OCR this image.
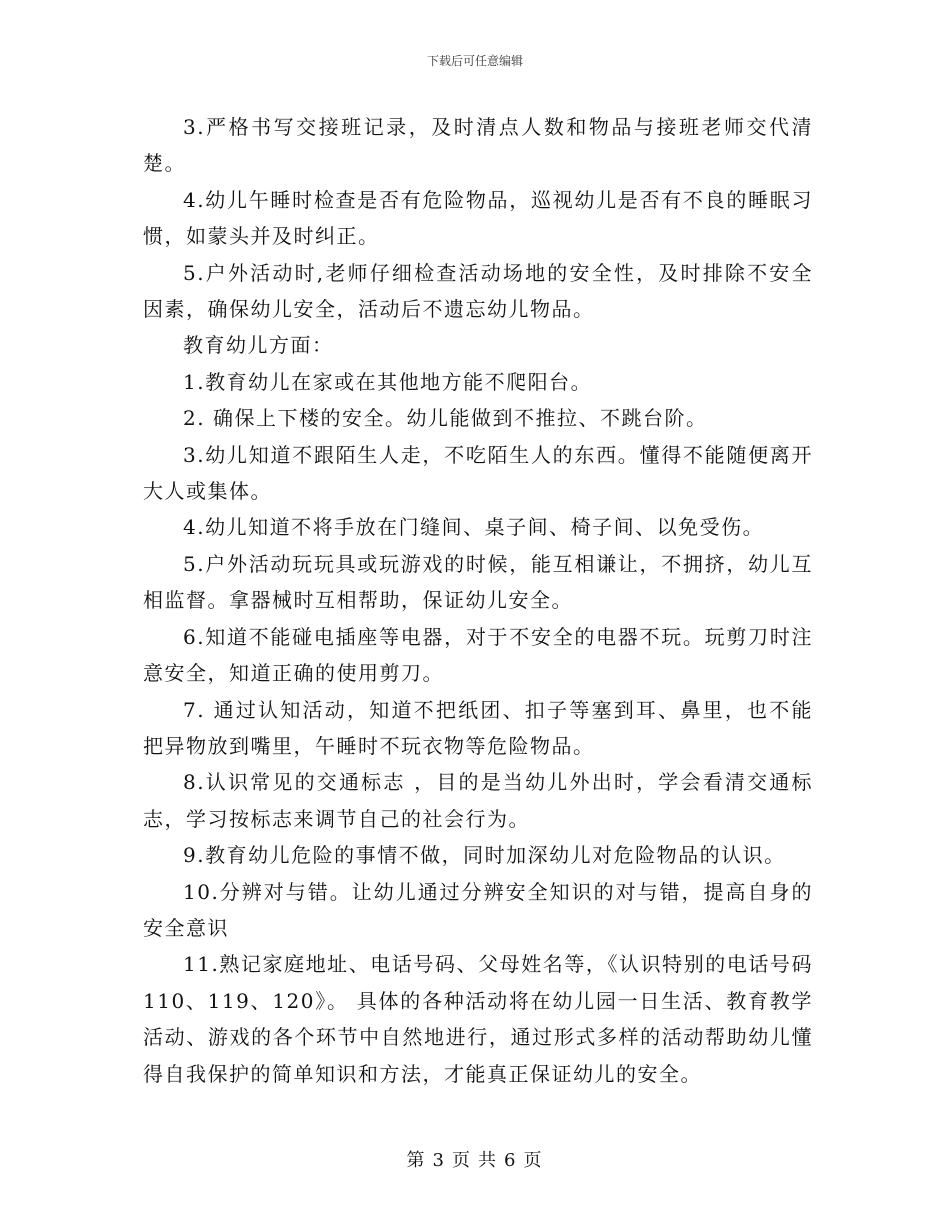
下载后可任意编辑

3.严格书写交接班记录，及时清点人数和物品与接班老师交代清楚。

4.幼儿午睡时检查是否有危险物品，巡视幼儿是否有不良的睡眠习惯，如蒙头并及时纠正。

5.户外活动时,老师仔细检查活动场地的安全性，及时排除不安全因素，确保幼儿安全，活动后不遗忘幼儿物品。

教育幼儿方面：

1.教育幼儿在家或在其他地方能不爬阳台。

2. 确保上下楼的安全。幼儿能做到不推拉、不跳台阶。

3.幼儿知道不跟陌生人走，不吃陌生人的东西。懂得不能随便离开大人或集体。

4.幼儿知道不将手放在门缝间、桌子间、椅子间、以免受伤。

5.户外活动玩玩具或玩游戏的时候，能互相谦让，不拥挤，幼儿互相监督。拿器械时互相帮助，保证幼儿安全。

6.知道不能碰电插座等电器，对于不安全的电器不玩。玩剪刀时注意安全，知道正确的使用剪刀。

7. 通过认知活动，知道不把纸团、扣子等塞到耳、鼻里，也不能把异物放到嘴里，午睡时不玩衣物等危险物品。

8.认识常见的交通标志 ，目的是当幼儿外出时，学会看清交通标志，学习按标志来调节自己的社会行为。

9.教育幼儿危险的事情不做，同时加深幼儿对危险物品的认识。

10.分辨对与错。让幼儿通过分辨安全知识的对与错，提高自身的安全意识

11.熟记家庭地址、电话号码、父母姓名等，《认识特别的电话号码110、119、120》。 具体的各种活动将在幼儿园一日生活、教育教学活动、游戏的各个环节中自然地进行，通过形式多样的活动帮助幼儿懂得自我保护的简单知识和方法，才能真正保证幼儿的安全。

第 3 页 共 6 页
